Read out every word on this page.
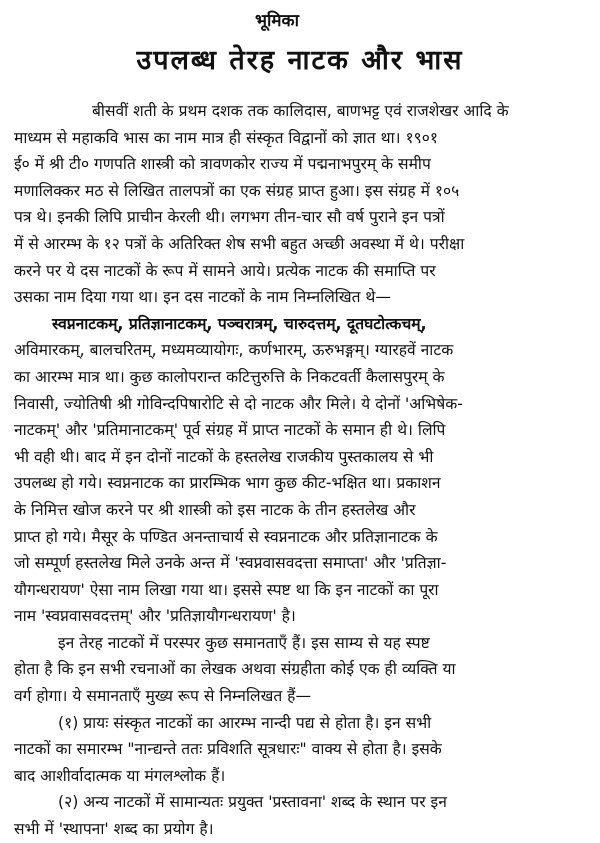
भूमिका
उपलब्ध तेरह नाटक और भास
बीसवीं शती के प्रथम दशक तक कालिदास, बाणभट्ट एवं राजशेखर आदि के
माध्यम से महाकवि भास का नाम मात्र ही संस्कृत विद्वानों को ज्ञात था। १९०१
ई० में श्री टी० गणपति शास्त्री को त्रावणकोर राज्य में पद्मनाभपुरम् के समीप
मणालिक्कर मठ से लिखित तालपत्रों का एक संग्रह प्राप्त हुआ। इस संग्रह में १०५
पत्र थे। इनकी लिपि प्राचीन केरली थी। लगभग तीन-चार सौ वर्ष पुराने इन पत्रों
में से आरम्भ के १२ पत्रों के अतिरिक्त शेष सभी बहुत अच्छी अवस्था में थे। परीक्षा
करने पर ये दस नाटकों के रूप में सामने आये। प्रत्येक नाटक की समाप्ति पर
उसका नाम दिया गया था। इन दस नाटकों के नाम निम्नलिखित थे—
स्वप्ननाटकम्, प्रतिज्ञानाटकम्, पञ्चरात्रम्, चारुदत्तम्, दूतघटोत्कचम्,
अविमारकम्, बालचरितम्, मध्यमव्यायोगः, कर्णभारम्, ऊरुभङ्गम्। ग्यारहवें नाटक
का आरम्भ मात्र था। कुछ कालोपरान्त कटित्तुरुत्ति के निकटवर्ती कैलासपुरम् के
निवासी, ज्योतिषी श्री गोविन्दपिषारोटि से दो नाटक और मिले। ये दोनों 'अभिषेक-
नाटकम्' और 'प्रतिमानाटकम्' पूर्व संग्रह में प्राप्त नाटकों के समान ही थे। लिपि
भी वही थी। बाद में इन दोनों नाटकों के हस्तलेख राजकीय पुस्तकालय से भी
उपलब्ध हो गये। स्वप्ननाटक का प्रारम्भिक भाग कुछ कीट-भक्षित था। प्रकाशन
के निमित्त खोज करने पर श्री शास्त्री को इस नाटक के तीन हस्तलेख और
प्राप्त हो गये। मैसूर के पण्डित अनन्ताचार्य से स्वप्ननाटक और प्रतिज्ञानाटक के
जो सम्पूर्ण हस्तलेख मिले उनके अन्त में 'स्वप्नवासवदत्ता समाप्ता' और 'प्रतिज्ञा-
यौगन्धरायण' ऐसा नाम लिखा गया था। इससे स्पष्ट था कि इन नाटकों का पूरा
नाम 'स्वप्नवासवदत्तम्' और 'प्रतिज्ञायौगन्धरायण' है।
इन तेरह नाटकों में परस्पर कुछ समानताएँ हैं। इस साम्य से यह स्पष्ट
होता है कि इन सभी रचनाओं का लेखक अथवा संग्रहीता कोई एक ही व्यक्ति या
वर्ग होगा। ये समानताएँ मुख्य रूप से निम्नलिखत हैं—
(१) प्रायः संस्कृत नाटकों का आरम्भ नान्दी पद्य से होता है। इन सभी
नाटकों का समारम्भ "नान्द्यन्ते ततः प्रविशति सूत्रधारः" वाक्य से होता है। इसके
बाद आशीर्वादात्मक या मंगलश्लोक हैं।
(२) अन्य नाटकों में सामान्यतः प्रयुक्त 'प्रस्तावना' शब्द के स्थान पर इन
सभी में 'स्थापना' शब्द का प्रयोग है।
